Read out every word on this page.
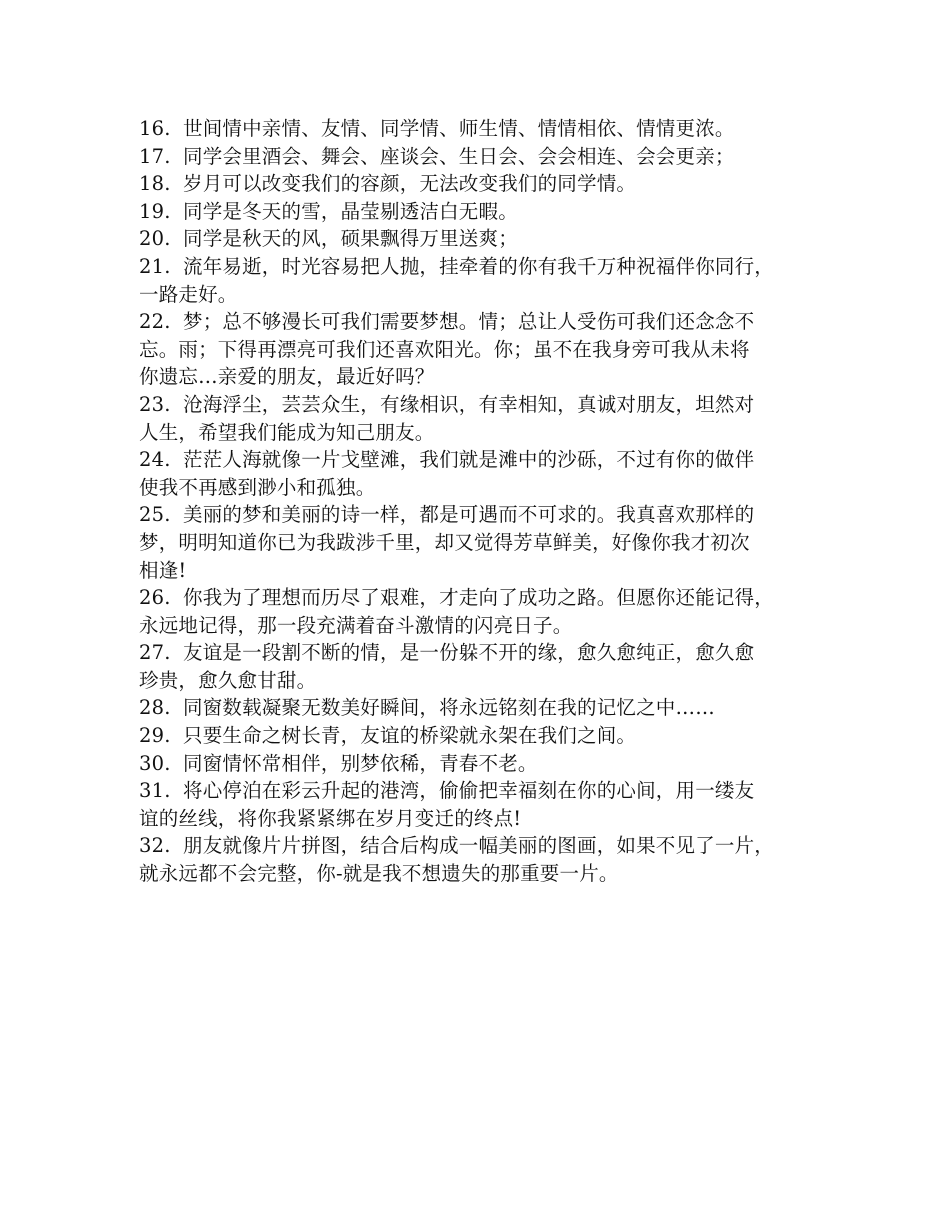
16. 世间情中亲情、友情、同学情、师生情、情情相依、情情更浓。
17. 同学会里酒会、舞会、座谈会、生日会、会会相连、会会更亲；
18. 岁月可以改变我们的容颜，无法改变我们的同学情。
19. 同学是冬天的雪，晶莹剔透洁白无暇。
20. 同学是秋天的风，硕果飘得万里送爽；
21. 流年易逝，时光容易把人抛，挂牵着的你有我千万种祝福伴你同行，
一路走好。
22. 梦；总不够漫长可我们需要梦想。情；总让人受伤可我们还念念不
忘。雨；下得再漂亮可我们还喜欢阳光。你；虽不在我身旁可我从未将
你遗忘…亲爱的朋友，最近好吗？
23. 沧海浮尘，芸芸众生，有缘相识，有幸相知，真诚对朋友，坦然对
人生，希望我们能成为知己朋友。
24. 茫茫人海就像一片戈壁滩，我们就是滩中的沙砾，不过有你的做伴
使我不再感到渺小和孤独。
25. 美丽的梦和美丽的诗一样，都是可遇而不可求的。我真喜欢那样的
梦，明明知道你已为我跋涉千里，却又觉得芳草鲜美，好像你我才初次
相逢!
26. 你我为了理想而历尽了艰难，才走向了成功之路。但愿你还能记得，
永远地记得，那一段充满着奋斗激情的闪亮日子。
27. 友谊是一段割不断的情，是一份躲不开的缘，愈久愈纯正，愈久愈
珍贵，愈久愈甘甜。
28. 同窗数载凝聚无数美好瞬间，将永远铭刻在我的记忆之中……
29. 只要生命之树长青，友谊的桥梁就永架在我们之间。
30. 同窗情怀常相伴，别梦依稀，青春不老。
31. 将心停泊在彩云升起的港湾，偷偷把幸福刻在你的心间，用一缕友
谊的丝线，将你我紧紧绑在岁月变迁的终点!
32. 朋友就像片片拼图，结合后构成一幅美丽的图画，如果不见了一片，
就永远都不会完整，你-就是我不想遗失的那重要一片。
